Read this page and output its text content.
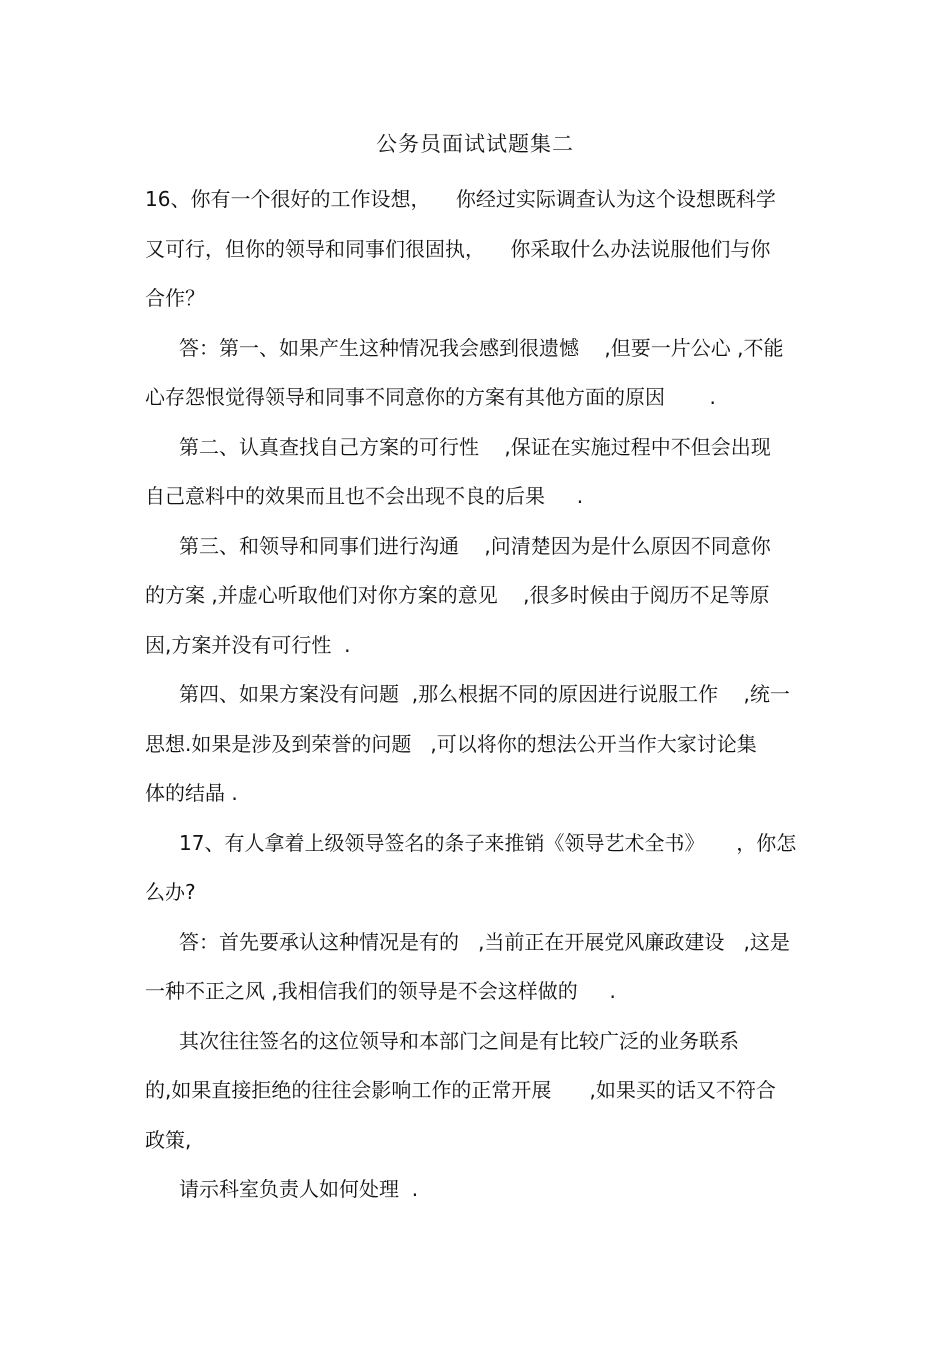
公务员面试试题集二

16、你有一个很好的工作设想，    你经过实际调查认为这个设想既科学
又可行，但你的领导和同事们很固执，    你采取什么办法说服他们与你
合作？

答：第一、如果产生这种情况我会感到很遗憾    ,但要一片公心 ,不能
心存怨恨觉得领导和同事不同意你的方案有其他方面的原因       .

第二、认真查找自己方案的可行性    ,保证在实施过程中不但会出现
自己意料中的效果而且也不会出现不良的后果     .

第三、和领导和同事们进行沟通    ,问清楚因为是什么原因不同意你
的方案 ,并虚心听取他们对你方案的意见    ,很多时候由于阅历不足等原
因,方案并没有可行性  .

第四、如果方案没有问题  ,那么根据不同的原因进行说服工作    ,统一
思想.如果是涉及到荣誉的问题   ,可以将你的想法公开当作大家讨论集
体的结晶 .

17、有人拿着上级领导签名的条子来推销《领导艺术全书》     ，你怎
么办?

答：首先要承认这种情况是有的   ,当前正在开展党风廉政建设   ,这是
一种不正之风 ,我相信我们的领导是不会这样做的     .

其次往往签名的这位领导和本部门之间是有比较广泛的业务联系

的,如果直接拒绝的往往会影响工作的正常开展      ,如果买的话又不符合
政策,

请示科室负责人如何处理  .
